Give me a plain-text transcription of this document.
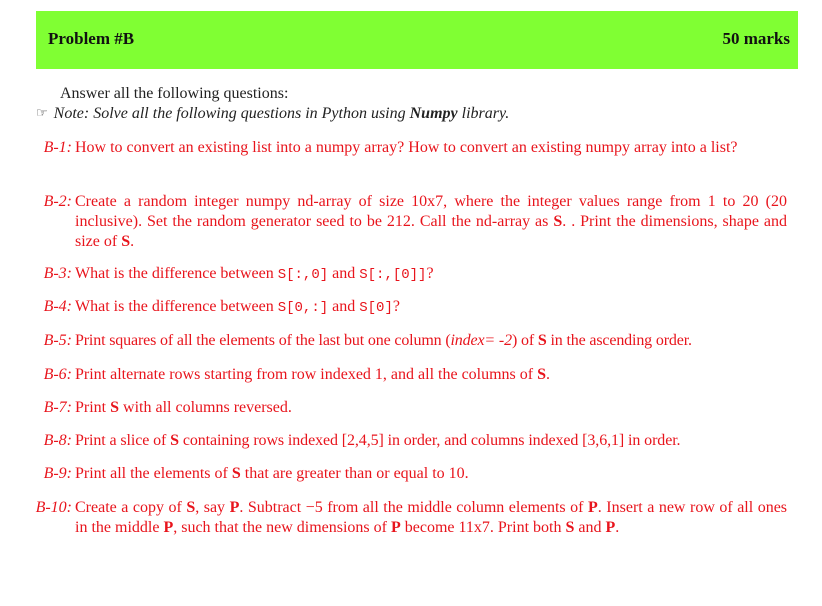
Problem #B	50 marks
Answer all the following questions:
☞ Note: Solve all the following questions in Python using Numpy library.
B-1: How to convert an existing list into a numpy array? How to convert an existing numpy array into a list?
B-2: Create a random integer numpy nd-array of size 10x7, where the integer values range from 1 to 20 (20 inclusive). Set the random generator seed to be 212. Call the nd-array as S. . Print the dimensions, shape and size of S.
B-3: What is the difference between S[:,0] and S[:,[0]]?
B-4: What is the difference between S[0,:] and S[0]?
B-5: Print squares of all the elements of the last but one column (index= -2) of S in the ascending order.
B-6: Print alternate rows starting from row indexed 1, and all the columns of S.
B-7: Print S with all columns reversed.
B-8: Print a slice of S containing rows indexed [2,4,5] in order, and columns indexed [3,6,1] in order.
B-9: Print all the elements of S that are greater than or equal to 10.
B-10: Create a copy of S, say P. Subtract −5 from all the middle column elements of P. Insert a new row of all ones in the middle P, such that the new dimensions of P become 11x7. Print both S and P.
